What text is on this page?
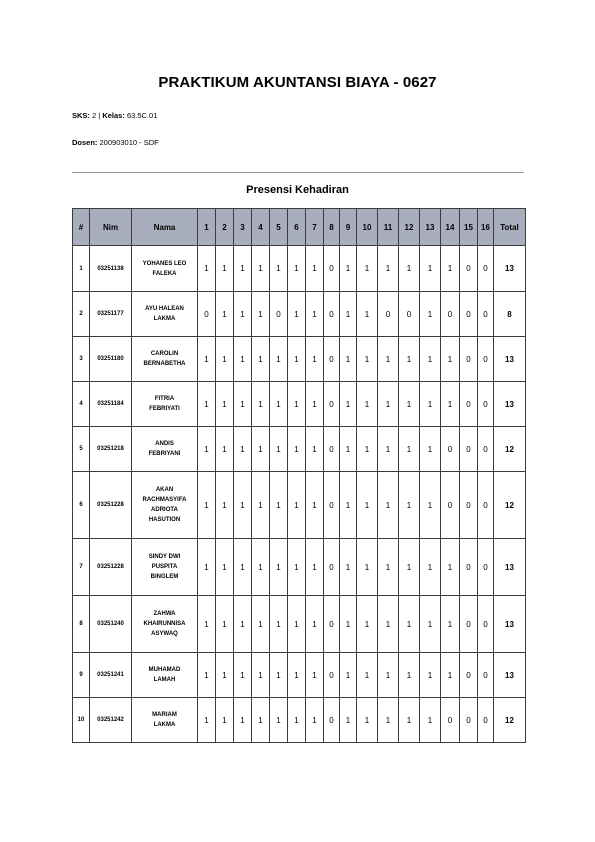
PRAKTIKUM AKUNTANSI BIAYA - 0627
SKS: 2 | Kelas: 63.5C.01
Dosen: 200903010 - SDF
Presensi Kehadiran
#	Nim	Nama	1	2	3	4	5	6	7	8	9	10	11	12	13	14	15	16	Total
1	03251138	YOHANES LEO
FALEKA	1	1	1	1	1	1	1	0	1	1	1	1	1	1	0	0	13
2	03251177	AYU HALEAN
LAKMA	0	1	1	1	0	1	1	0	1	1	0	0	1	0	0	0	8
3	03251180	CAROLIN
BERNABETHA	1	1	1	1	1	1	1	0	1	1	1	1	1	1	0	0	13
4	03251184	FITRIA
FEBRIYATI	1	1	1	1	1	1	1	0	1	1	1	1	1	1	0	0	13
5	03251218	ANDIS
FEBRIYANI	1	1	1	1	1	1	1	0	1	1	1	1	1	0	0	0	12
6	03251228	AKAN
RACHMASYIFA
ADRIOTA
HASUTION	1	1	1	1	1	1	1	0	1	1	1	1	1	0	0	0	12
7	03251228	SINDY DWI
PUSPITA
BINGLEM	1	1	1	1	1	1	1	0	1	1	1	1	1	1	0	0	13
8	03251240	ZAHWA
KHAIRUNNISA
ASYWAQ	1	1	1	1	1	1	1	0	1	1	1	1	1	1	0	0	13
9	03251241	MUHAMAD
LAMAH	1	1	1	1	1	1	1	0	1	1	1	1	1	1	0	0	13
10	03251242	MARIAM
LAKMA	1	1	1	1	1	1	1	0	1	1	1	1	1	0	0	0	12
